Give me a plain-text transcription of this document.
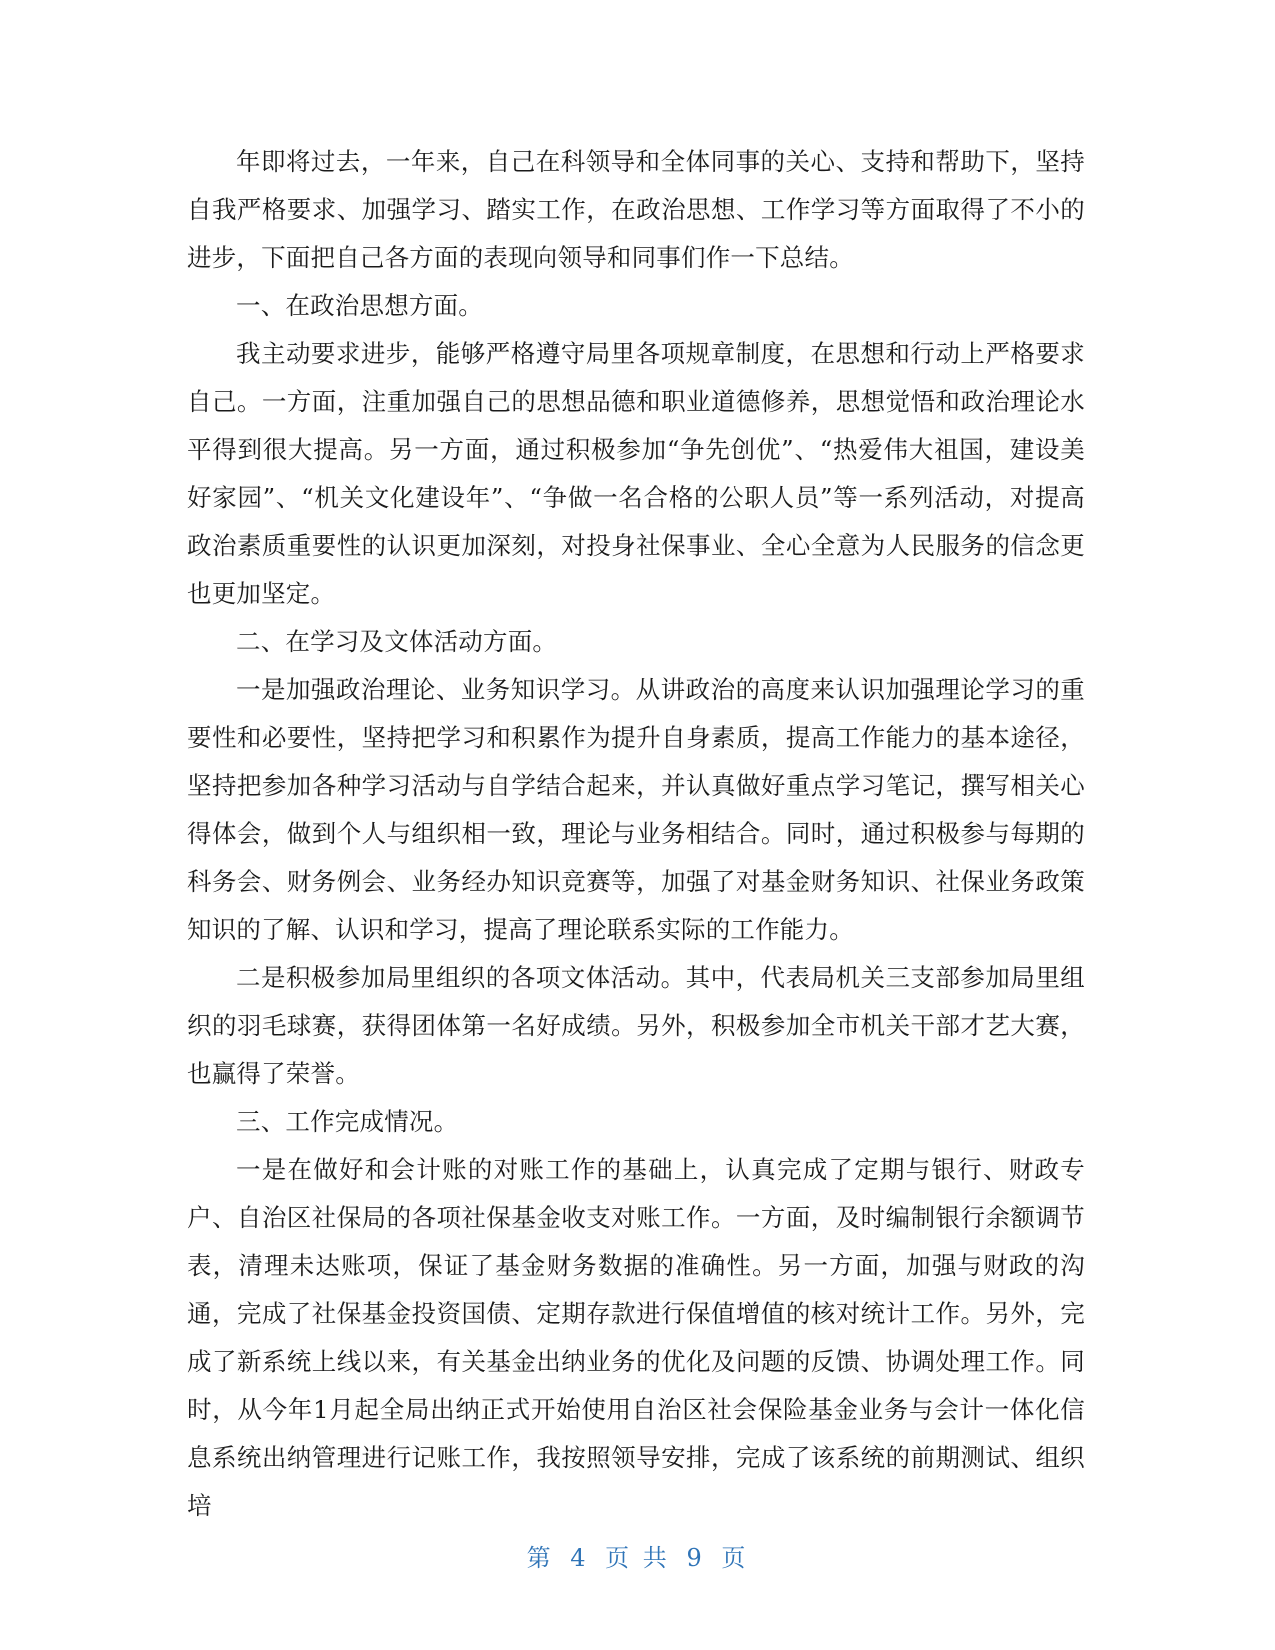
年即将过去，一年来，自己在科领导和全体同事的关心、支持和帮助下，坚持自我严格要求、加强学习、踏实工作，在政治思想、工作学习等方面取得了不小的进步，下面把自己各方面的表现向领导和同事们作一下总结。

一、在政治思想方面。

我主动要求进步，能够严格遵守局里各项规章制度，在思想和行动上严格要求自己。一方面，注重加强自己的思想品德和职业道德修养，思想觉悟和政治理论水平得到很大提高。另一方面，通过积极参加“争先创优”、“热爱伟大祖国，建设美好家园”、“机关文化建设年”、“争做一名合格的公职人员”等一系列活动，对提高政治素质重要性的认识更加深刻，对投身社保事业、全心全意为人民服务的信念更也更加坚定。

二、在学习及文体活动方面。

一是加强政治理论、业务知识学习。从讲政治的高度来认识加强理论学习的重要性和必要性，坚持把学习和积累作为提升自身素质，提高工作能力的基本途径，坚持把参加各种学习活动与自学结合起来，并认真做好重点学习笔记，撰写相关心得体会，做到个人与组织相一致，理论与业务相结合。同时，通过积极参与每期的科务会、财务例会、业务经办知识竞赛等，加强了对基金财务知识、社保业务政策知识的了解、认识和学习，提高了理论联系实际的工作能力。

二是积极参加局里组织的各项文体活动。其中，代表局机关三支部参加局里组织的羽毛球赛，获得团体第一名好成绩。另外，积极参加全市机关干部才艺大赛，也赢得了荣誉。

三、工作完成情况。

一是在做好和会计账的对账工作的基础上，认真完成了定期与银行、财政专户、自治区社保局的各项社保基金收支对账工作。一方面，及时编制银行余额调节表，清理未达账项，保证了基金财务数据的准确性。另一方面，加强与财政的沟通，完成了社保基金投资国债、定期存款进行保值增值的核对统计工作。另外，完成了新系统上线以来，有关基金出纳业务的优化及问题的反馈、协调处理工作。同时，从今年1月起全局出纳正式开始使用自治区社会保险基金业务与会计一体化信息系统出纳管理进行记账工作，我按照领导安排，完成了该系统的前期测试、组织培

第 4 页 共 9 页
